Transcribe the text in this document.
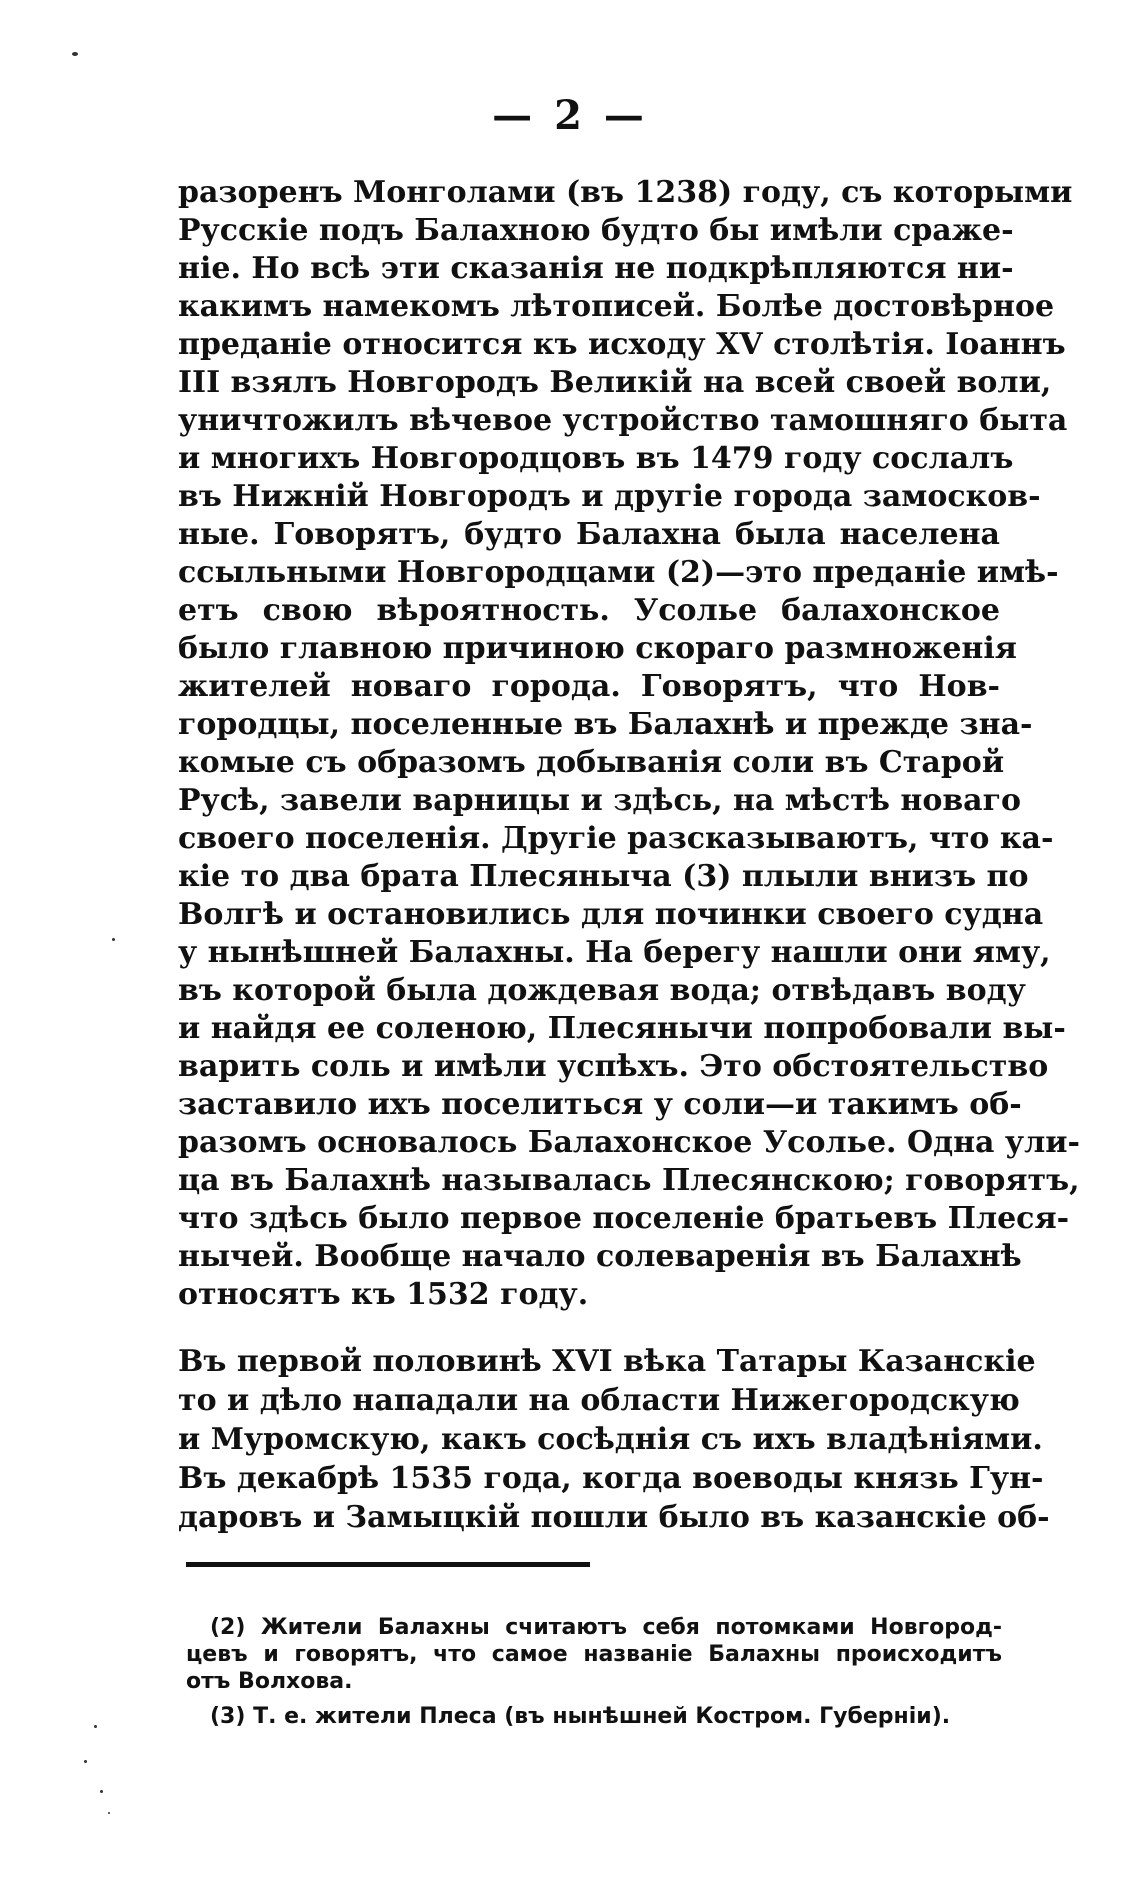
— 2 —
разоренъ Монголами (въ 1238) году, съ которыми
Русскіе подъ Балахною будто бы имѣли сраже-
ніе. Но всѣ эти сказанія не подкрѣпляются ни-
какимъ намекомъ лѣтописей. Болѣе достовѣрное
преданіе относится къ исходу XV столѣтія. Іоаннъ
III взялъ Новгородъ Великій на всей своей воли,
уничтожилъ вѣчевое устройство тамошняго быта
и многихъ Новгородцовъ въ 1479 году сослалъ
въ Нижній Новгородъ и другіе города замосков-
ные. Говорятъ, будто Балахна была населена
ссыльными Новгородцами (2)—это преданіе имѣ-
етъ свою вѣроятность. Усолье балахонское
было главною причиною скораго размноженія
жителей новаго города. Говорятъ, что Нов-
городцы, поселенные въ Балахнѣ и прежде зна-
комые съ образомъ добыванія соли въ Старой
Русѣ, завели варницы и здѣсь, на мѣстѣ новаго
своего поселенія. Другіе разсказываютъ, что ка-
кіе то два брата Плесяныча (3) плыли внизъ по
Волгѣ и остановились для починки своего судна
у нынѣшней Балахны. На берегу нашли они яму,
въ которой была дождевая вода; отвѣдавъ воду
и найдя ее соленою, Плесянычи попробовали вы-
варить соль и имѣли успѣхъ. Это обстоятельство
заставило ихъ поселиться у соли—и такимъ об-
разомъ основалось Балахонское Усолье. Одна ули-
ца въ Балахнѣ называлась Плесянскою; говорятъ,
что здѣсь было первое поселеніе братьевъ Плеся-
нычей. Вообще начало солеваренія въ Балахнѣ
относятъ къ 1532 году.
Въ первой половинѣ XVI вѣка Татары Казанскіе
то и дѣло нападали на области Нижегородскую
и Муромскую, какъ сосѣднія съ ихъ владѣніями.
Въ декабрѣ 1535 года, когда воеводы князь Гун-
даровъ и Замыцкій пошли было въ казанскіе об-
(2) Жители Балахны считаютъ себя потомками Новгород-
цевъ и говорятъ, что самое названіе Балахны происходитъ
отъ Волхова.
(3) Т. е. жители Плеса (въ нынѣшней Костром. Губерніи).
